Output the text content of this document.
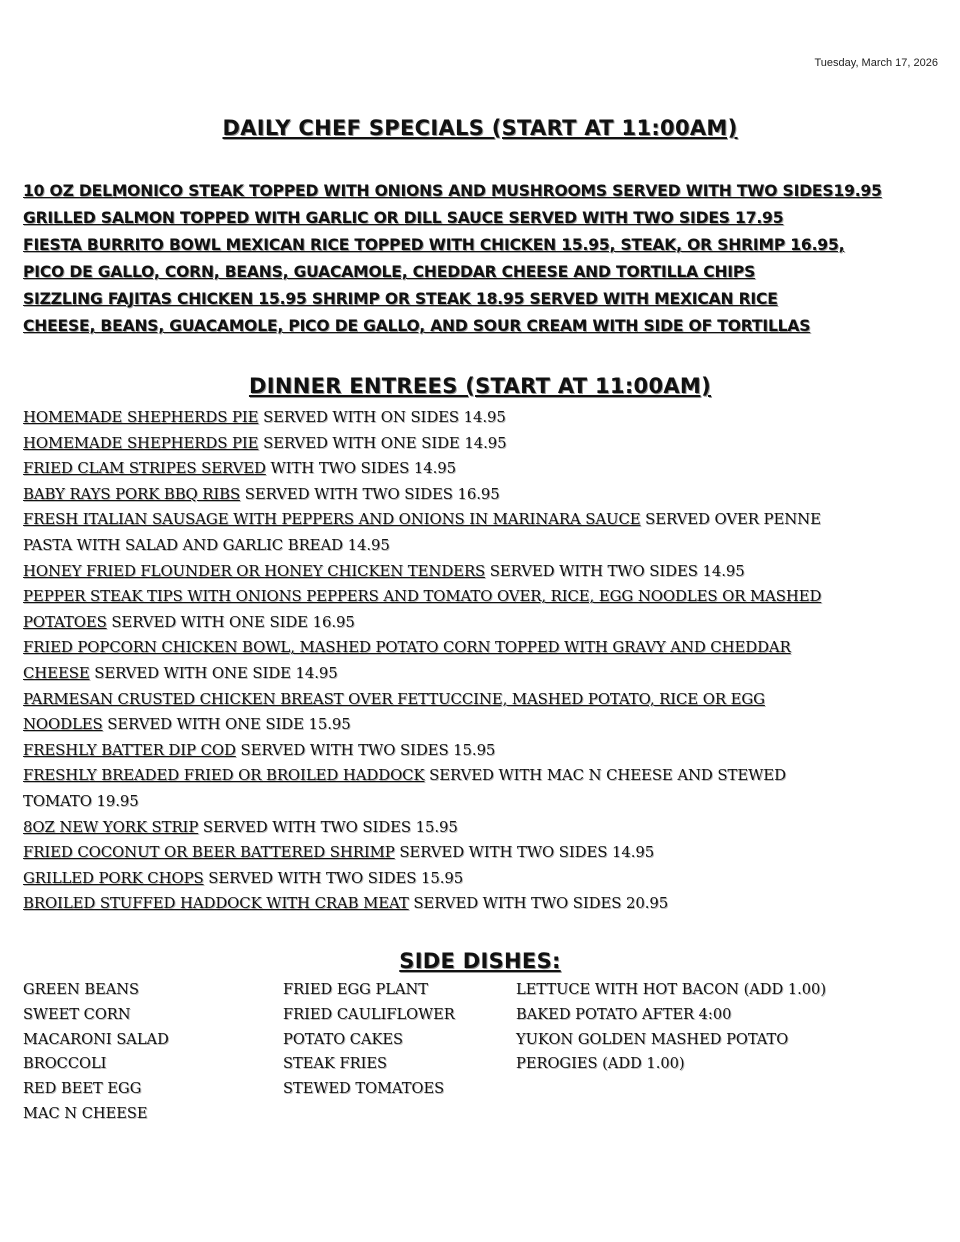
Tuesday, March 17, 2026
DAILY CHEF SPECIALS (START AT 11:00AM)
10 OZ DELMONICO STEAK TOPPED WITH ONIONS AND MUSHROOMS SERVED WITH TWO SIDES19.95
GRILLED SALMON TOPPED WITH GARLIC OR DILL SAUCE SERVED WITH TWO SIDES 17.95
FIESTA BURRITO BOWL MEXICAN RICE TOPPED WITH CHICKEN 15.95, STEAK, OR SHRIMP 16.95,
PICO DE GALLO, CORN, BEANS, GUACAMOLE, CHEDDAR CHEESE AND TORTILLA CHIPS
SIZZLING FAJITAS CHICKEN 15.95 SHRIMP OR STEAK 18.95 SERVED WITH MEXICAN RICE
CHEESE, BEANS, GUACAMOLE, PICO DE GALLO, AND SOUR CREAM WITH SIDE OF TORTILLAS
DINNER ENTREES (START AT 11:00AM)
HOMEMADE SHEPHERDS PIE SERVED WITH ON SIDES 14.95
HOMEMADE SHEPHERDS PIE SERVED WITH ONE SIDE 14.95
FRIED CLAM STRIPES SERVED WITH TWO SIDES 14.95
BABY RAYS PORK BBQ RIBS SERVED WITH TWO SIDES 16.95
FRESH ITALIAN SAUSAGE WITH PEPPERS AND ONIONS IN MARINARA SAUCE SERVED OVER PENNE
PASTA WITH SALAD AND GARLIC BREAD 14.95
HONEY FRIED FLOUNDER OR HONEY CHICKEN TENDERS SERVED WITH TWO SIDES 14.95
PEPPER STEAK TIPS WITH ONIONS PEPPERS AND TOMATO OVER, RICE, EGG NOODLES OR MASHED
POTATOES SERVED WITH ONE SIDE 16.95
FRIED POPCORN CHICKEN BOWL, MASHED POTATO CORN TOPPED WITH GRAVY AND CHEDDAR
CHEESE SERVED WITH ONE SIDE 14.95
PARMESAN CRUSTED CHICKEN BREAST OVER FETTUCCINE, MASHED POTATO, RICE OR EGG
NOODLES SERVED WITH ONE SIDE 15.95
FRESHLY BATTER DIP COD SERVED WITH TWO SIDES 15.95
FRESHLY BREADED FRIED OR BROILED HADDOCK SERVED WITH MAC N CHEESE AND STEWED
TOMATO 19.95
8OZ NEW YORK STRIP SERVED WITH TWO SIDES 15.95
FRIED COCONUT OR BEER BATTERED SHRIMP SERVED WITH TWO SIDES 14.95
GRILLED PORK CHOPS SERVED WITH TWO SIDES 15.95
BROILED STUFFED HADDOCK WITH CRAB MEAT SERVED WITH TWO SIDES 20.95
SIDE DISHES:
GREEN BEANS
SWEET CORN
MACARONI SALAD
BROCCOLI
RED BEET EGG
MAC N CHEESE
FRIED EGG PLANT
FRIED CAULIFLOWER
POTATO CAKES
STEAK FRIES
STEWED TOMATOES
LETTUCE WITH HOT BACON (ADD 1.00)
BAKED POTATO AFTER 4:00
YUKON GOLDEN MASHED POTATO
PEROGIES (ADD 1.00)
